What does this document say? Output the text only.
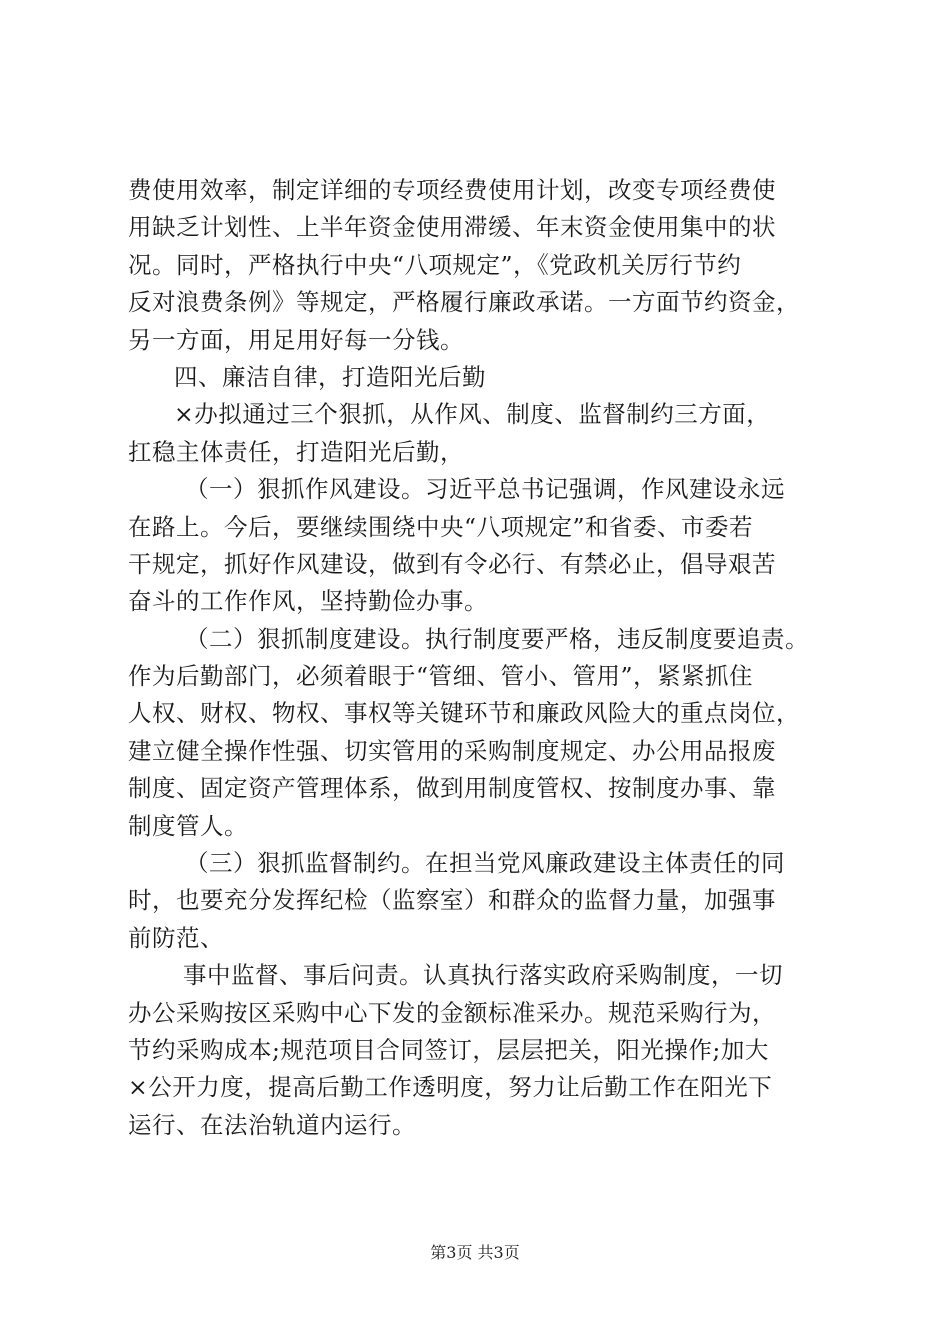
费使用效率，制定详细的专项经费使用计划，改变专项经费使
用缺乏计划性、上半年资金使用滞缓、年末资金使用集中的状
况。同时，严格执行中央“八项规定”，《党政机关厉行节约
反对浪费条例》等规定，严格履行廉政承诺。一方面节约资金，
另一方面，用足用好每一分钱。
四、廉洁自律，打造阳光后勤
×办拟通过三个狠抓，从作风、制度、监督制约三方面，
扛稳主体责任，打造阳光后勤，
（一）狠抓作风建设。习近平总书记强调，作风建设永远
在路上。今后，要继续围绕中央“八项规定”和省委、市委若
干规定，抓好作风建设，做到有令必行、有禁必止，倡导艰苦
奋斗的工作作风，坚持勤俭办事。
（二）狠抓制度建设。执行制度要严格，违反制度要追责。
作为后勤部门，必须着眼于“管细、管小、管用”，紧紧抓住
人权、财权、物权、事权等关键环节和廉政风险大的重点岗位，
建立健全操作性强、切实管用的采购制度规定、办公用品报废
制度、固定资产管理体系，做到用制度管权、按制度办事、靠
制度管人。
（三）狠抓监督制约。在担当党风廉政建设主体责任的同
时，也要充分发挥纪检（监察室）和群众的监督力量，加强事
前防范、
事中监督、事后问责。认真执行落实政府采购制度，一切
办公采购按区采购中心下发的金额标准采办。规范采购行为，
节约采购成本;规范项目合同签订，层层把关，阳光操作;加大
×公开力度，提高后勤工作透明度，努力让后勤工作在阳光下
运行、在法治轨道内运行。
第3页 共3页
